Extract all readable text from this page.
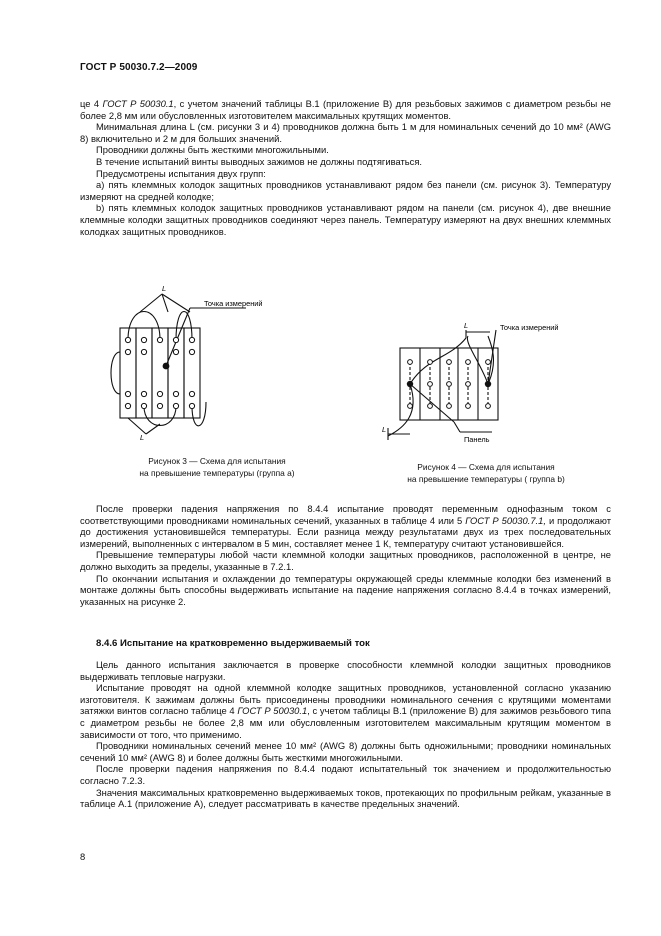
ГОСТ Р 50030.7.2—2009

це 4 ГОСТ Р 50030.1, с учетом значений таблицы В.1 (приложение В) для резьбовых зажимов с диаметром резьбы не более 2,8 мм или обусловленных изготовителем максимальных крутящих моментов.

Минимальная длина L (см. рисунки 3 и 4) проводников должна быть 1 м для номинальных сечений до 10 мм² (AWG 8) включительно и 2 м для больших значений.

Проводники должны быть жесткими многожильными.

В течение испытаний винты выводных зажимов не должны подтягиваться.

Предусмотрены испытания двух групп:

а) пять клеммных колодок защитных проводников устанавливают рядом без панели (см. рисунок 3). Температуру измеряют на средней колодке;

b) пять клеммных колодок защитных проводников устанавливают рядом на панели (см. рисунок 4), две внешние клеммные колодки защитных проводников соединяют через панель. Температуру измеряют на двух внешних клеммных колодках защитных проводников.

L
L
Точка измерений
Рисунок 3 — Схема для испытания
на превышение температуры (группа а)
L
L
Точка измерений
Панель
Рисунок 4 — Схема для испытания
на превышение температуры ( группа b)

После проверки падения напряжения по 8.4.4 испытание проводят переменным однофазным током с соответствующими проводниками номинальных сечений, указанных в таблице 4 или 5 ГОСТ Р 50030.7.1, и продолжают до достижения установившейся температуры. Если разница между результатами двух из трех последовательных измерений, выполненных с интервалом в 5 мин, составляет менее 1 К, температуру считают установившейся.

Превышение температуры любой части клеммной колодки защитных проводников, расположенной в центре, не должно выходить за пределы, указанные в 7.2.1.

По окончании испытания и охлаждении до температуры окружающей среды клеммные колодки без изменений в монтаже должны быть способны выдерживать испытание на падение напряжения согласно 8.4.4 в точках измерений, указанных на рисунке 2.

8.4.6 Испытание на кратковременно выдерживаемый ток

Цель данного испытания заключается в проверке способности клеммной колодки защитных проводников выдерживать тепловые нагрузки.

Испытание проводят на одной клеммной колодке защитных проводников, установленной согласно указанию изготовителя. К зажимам должны быть присоединены проводники номинального сечения с крутящими моментами затяжки винтов согласно таблице 4 ГОСТ Р 50030.1, с учетом таблицы В.1 (приложение В) для зажимов резьбового типа с диаметром резьбы не более 2,8 мм или обусловленным изготовителем максимальным крутящим моментом в зависимости от того, что применимо.

Проводники номинальных сечений менее 10 мм² (AWG 8) должны быть одножильными; проводники номинальных сечений 10 мм² (AWG 8) и более должны быть жесткими многожильными.

После проверки падения напряжения по 8.4.4 подают испытательный ток значением и продолжительностью согласно 7.2.3.

Значения максимальных кратковременно выдерживаемых токов, протекающих по профильным рейкам, указанные в таблице А.1 (приложение А), следует рассматривать в качестве предельных значений.

8
